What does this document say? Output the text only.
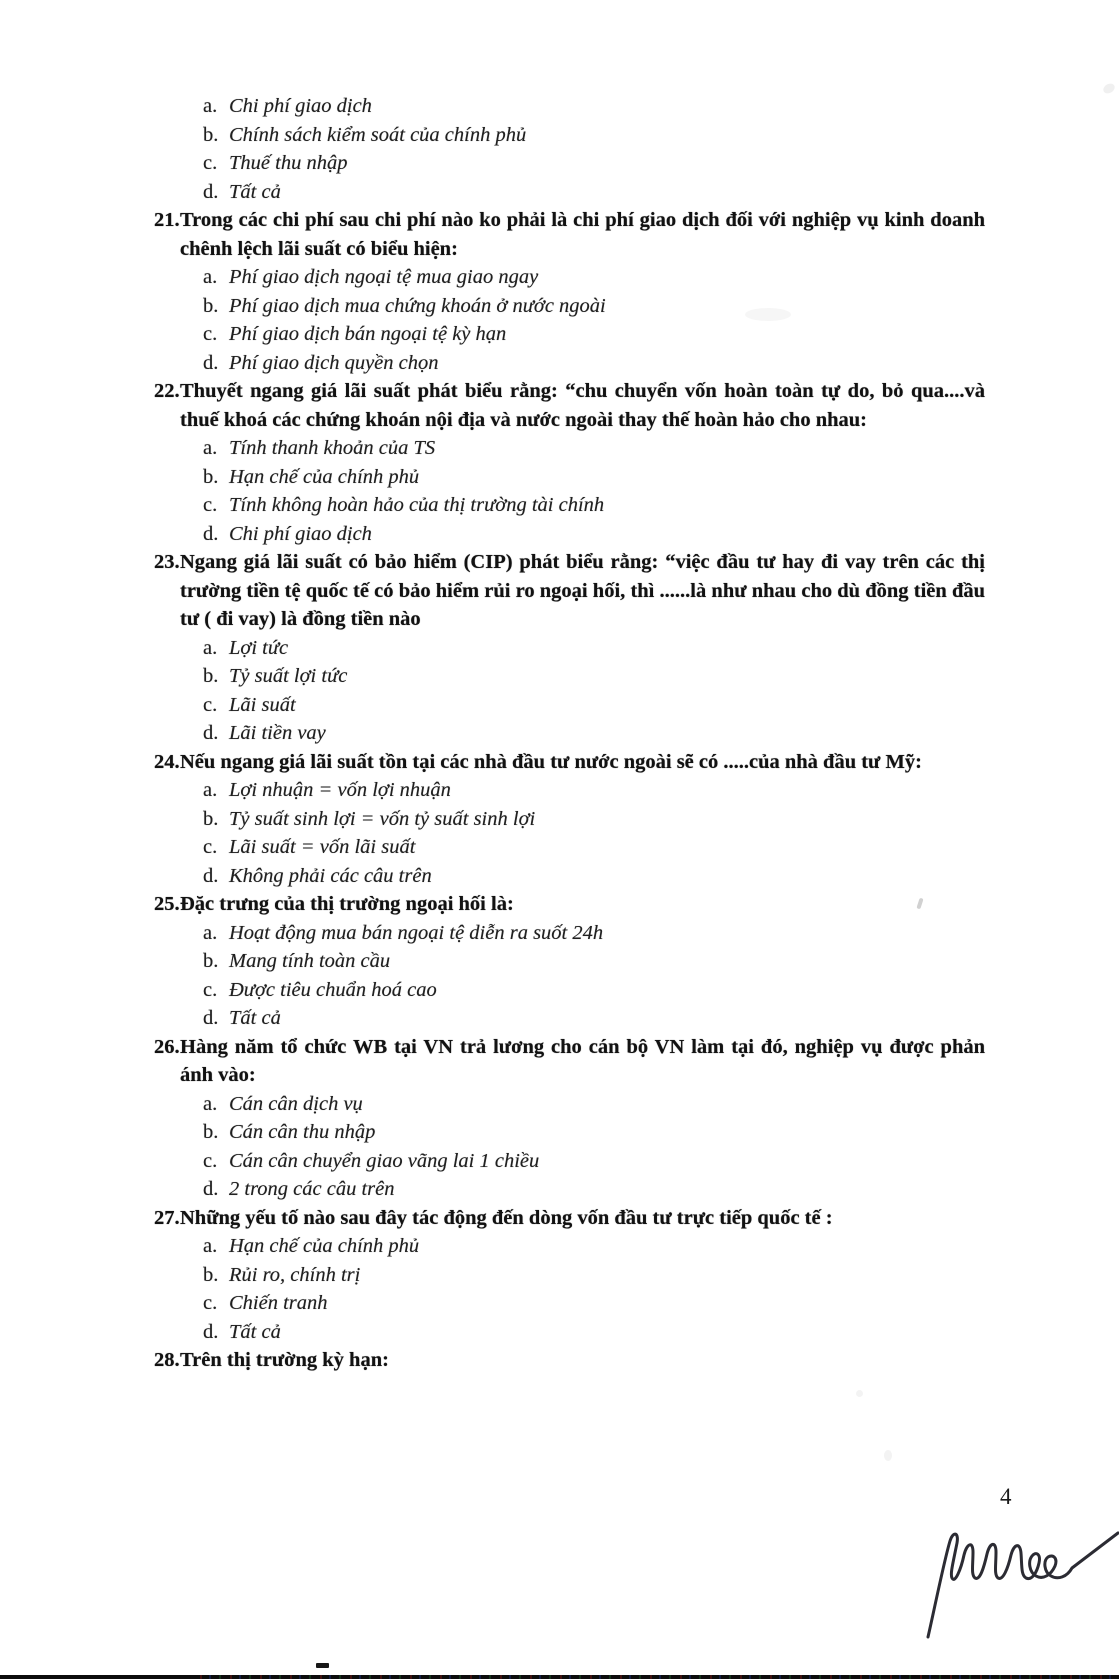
a. Chi phí giao dịch
b. Chính sách kiểm soát của chính phủ
c. Thuế thu nhập
d. Tất cả
21. Trong các chi phí sau chi phí nào ko phải là chi phí giao dịch đối với nghiệp vụ kinh doanh chênh lệch lãi suất có biểu hiện:
a. Phí giao dịch ngoại tệ mua giao ngay
b. Phí giao dịch mua chứng khoán ở nước ngoài
c. Phí giao dịch bán ngoại tệ kỳ hạn
d. Phí giao dịch quyền chọn
22. Thuyết ngang giá lãi suất phát biểu rằng: “chu chuyển vốn hoàn toàn tự do, bỏ qua....và thuế khoá các chứng khoán nội địa và nước ngoài thay thế hoàn hảo cho nhau:
a. Tính thanh khoản của TS
b. Hạn chế của chính phủ
c. Tính không hoàn hảo của thị trường tài chính
d. Chi phí giao dịch
23. Ngang giá lãi suất có bảo hiểm (CIP) phát biểu rằng: “việc đầu tư hay đi vay trên các thị trường tiền tệ quốc tế có bảo hiểm rủi ro ngoại hối, thì ......là như nhau cho dù đồng tiền đầu tư ( đi vay) là đồng tiền nào
a. Lợi tức
b. Tỷ suất lợi tức
c. Lãi suất
d. Lãi tiền vay
24. Nếu ngang giá lãi suất tồn tại các nhà đầu tư nước ngoài sẽ có .....của nhà đầu tư Mỹ:
a. Lợi nhuận = vốn lợi nhuận
b. Tỷ suất sinh lợi = vốn tỷ suất sinh lợi
c. Lãi suất = vốn lãi suất
d. Không phải các câu trên
25. Đặc trưng của thị trường ngoại hối là:
a. Hoạt động mua bán ngoại tệ diễn ra suốt 24h
b. Mang tính toàn cầu
c. Được tiêu chuẩn hoá cao
d. Tất cả
26. Hàng năm tổ chức WB tại VN trả lương cho cán bộ VN làm tại đó, nghiệp vụ được phản ánh vào:
a. Cán cân dịch vụ
b. Cán cân thu nhập
c. Cán cân chuyển giao vãng lai 1 chiều
d. 2 trong các câu trên
27. Những yếu tố nào sau đây tác động đến dòng vốn đầu tư trực tiếp quốc tế :
a. Hạn chế của chính phủ
b. Rủi ro, chính trị
c. Chiến tranh
d. Tất cả
28. Trên thị trường kỳ hạn:
4
